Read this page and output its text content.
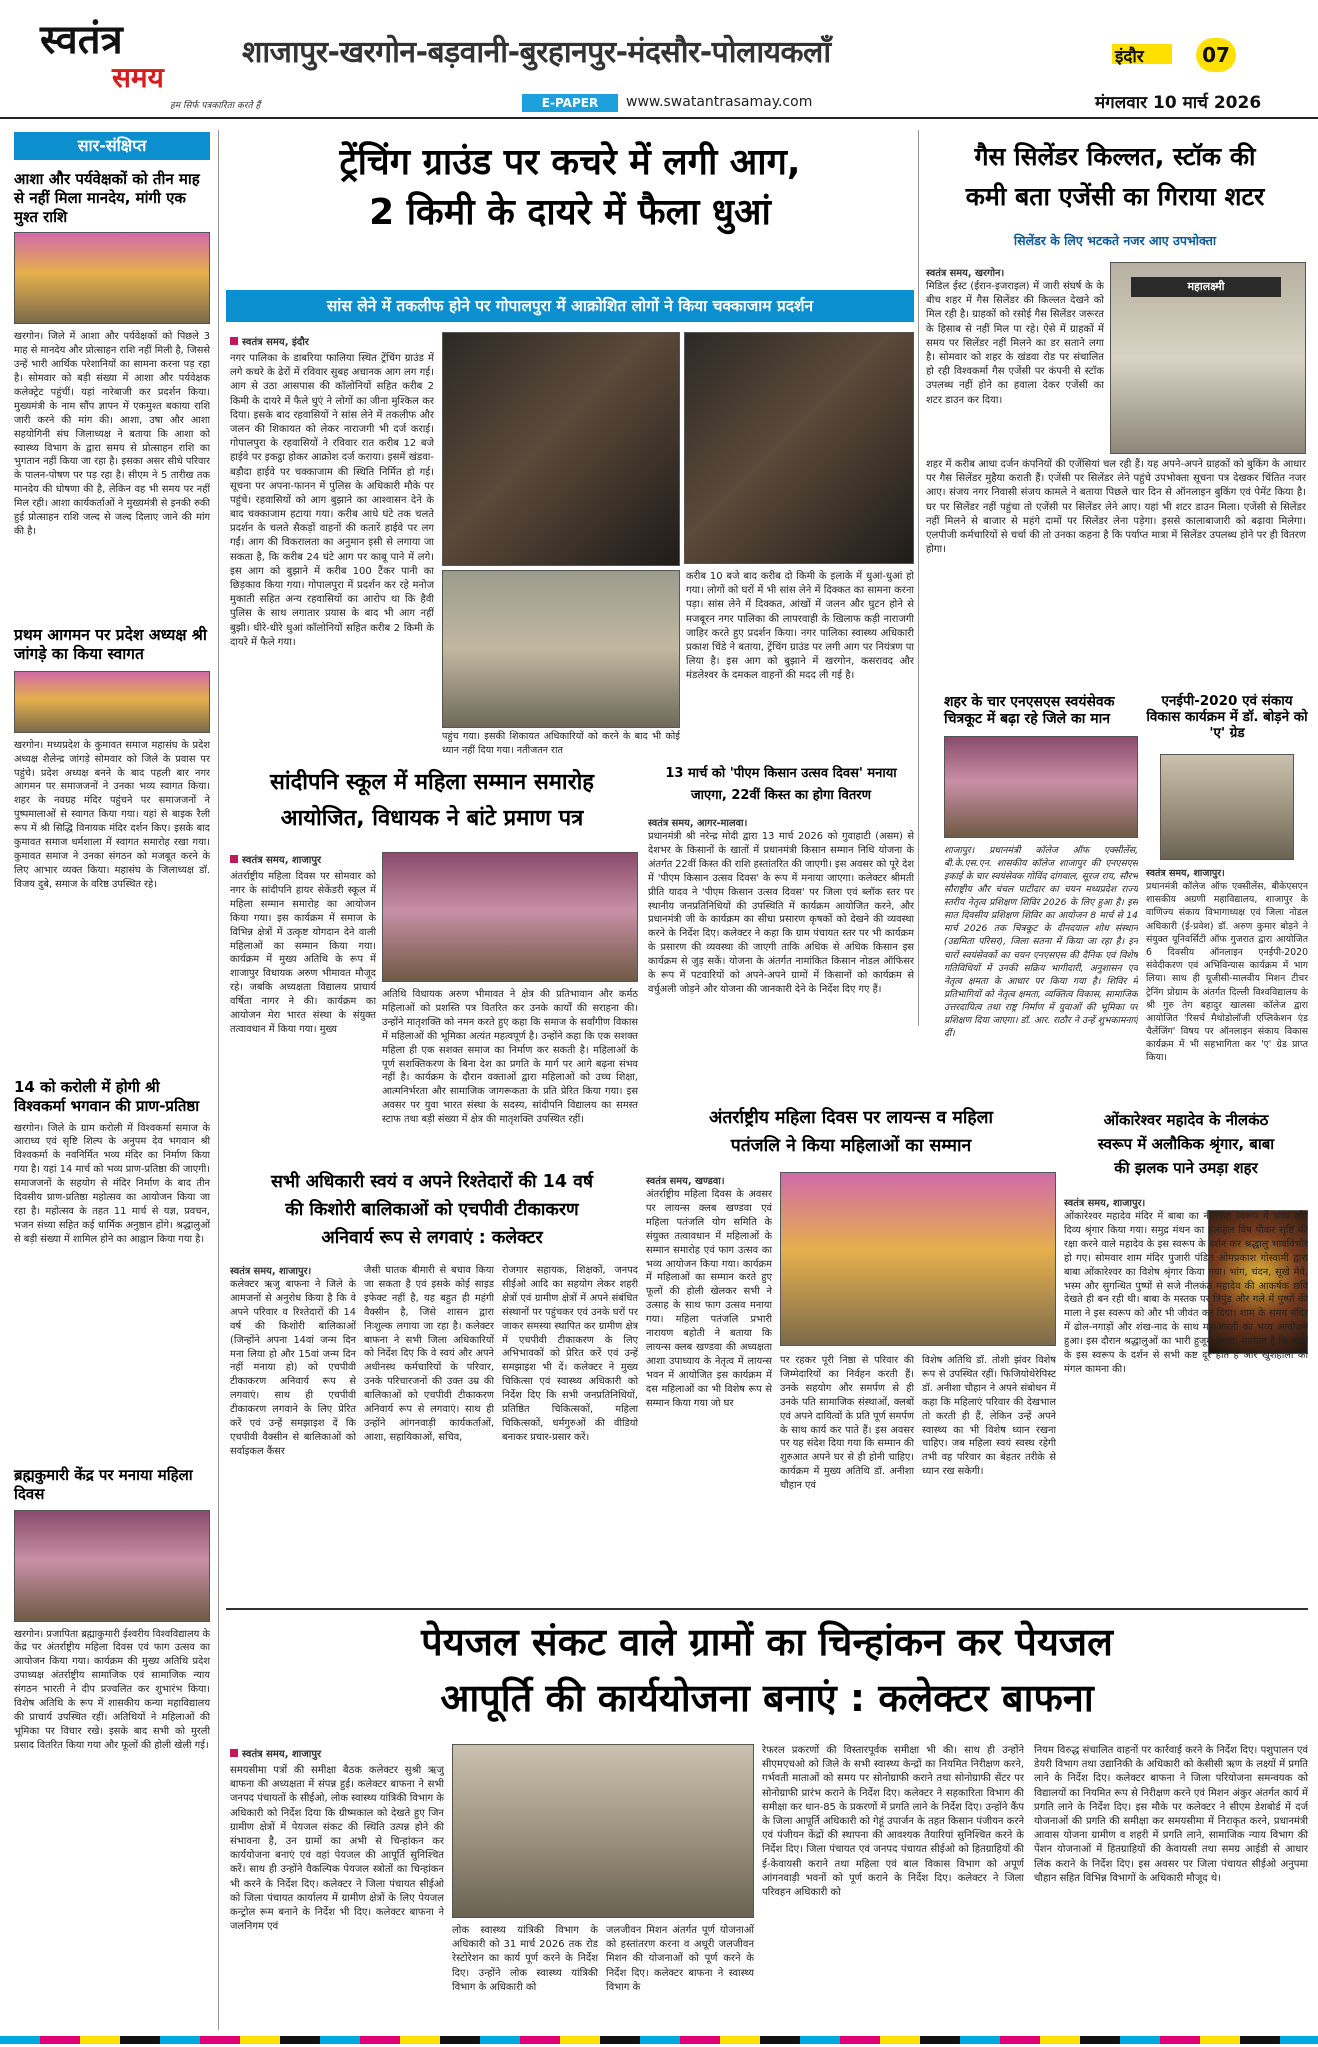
स्वतंत्र
समय
हम सिर्फ पत्रकारिता करते हैं
शाजापुर-खरगोन-बड़वानी-बुरहानपुर-मंदसौर-पोलायकलाँ	इंदौर	07
E-PAPER	www.swatantrasamay.com	मंगलवार 10 मार्च 2026
सार-संक्षिप्त
आशा और पर्यवेक्षकों को तीन माह से नहीं मिला मानदेय, मांगी एक मुश्त राशि
खरगोन। जिले में आशा और पर्यवेक्षकों को पिछले 3 माह से मानदेय और प्रोत्साहन राशि नहीं मिली है, जिससे उन्हें भारी आर्थिक परेशानियों का सामना करना पड़ रहा है। सोमवार को बड़ी संख्या में आशा और पर्यवेक्षक कलेक्ट्रेट पहुंचीं। यहां नारेबाजी कर प्रदर्शन किया। मुख्यमंत्री के नाम सौंप ज्ञापन में एकमुश्त बकाया राशि जारी करने की मांग की। आशा, उषा और आशा सहयोगिनी संघ जिलाध्यक्ष ने बताया कि आशा को स्वास्थ्य विभाग के द्वारा समय से प्रोत्साहन राशि का भुगतान नहीं किया जा रहा है। इसका असर सीधे परिवार के पालन-पोषण पर पड़ रहा है। सीएम ने 5 तारीख तक मानदेय की घोषणा की है, लेकिन वह भी समय पर नहीं मिल रही। आशा कार्यकर्ताओं ने मुख्यमंत्री से इनकी रुकी हुई प्रोत्साहन राशि जल्द से जल्द दिलाए जाने की मांग की है।
प्रथम आगमन पर प्रदेश अध्यक्ष श्री जांगड़े का किया स्वागत
खरगोन। मध्यप्रदेश के कुमावत समाज महासंघ के प्रदेश अध्यक्ष शैलेन्द्र जांगड़े सोमवार को जिले के प्रवास पर पहुंचे। प्रदेश अध्यक्ष बनने के बाद पहली बार नगर आगमन पर समाजजनों ने उनका भव्य स्वागत किया। शहर के नवग्रह मंदिर पहुंचने पर समाजजनों ने पुष्पमालाओं से स्वागत किया गया। यहां से बाइक रैली रूप में श्री सिद्धि विनायक मंदिर दर्शन किए। इसके बाद कुमावत समाज धर्मशाला में स्वागत समारोह रखा गया। कुमावत समाज ने उनका संगठन को मजबूत करने के लिए आभार व्यक्त किया। महासंघ के जिलाध्यक्ष डॉ. विजय दुबे, समाज के वरिष्ठ उपस्थित रहे।
14 को करोली में होगी श्री विश्वकर्मा भगवान की प्राण-प्रतिष्ठा
खरगोन। जिले के ग्राम करोली में विश्वकर्मा समाज के आराध्य एवं सृष्टि शिल्प के अनुपम देव भगवान श्री विश्वकर्मा के नवनिर्मित भव्य मंदिर का निर्माण किया गया है। यहां 14 मार्च को भव्य प्राण-प्रतिष्ठा की जाएगी। समाजजनों के सहयोग से मंदिर निर्माण के बाद तीन दिवसीय प्राण-प्रतिष्ठा महोत्सव का आयोजन किया जा रहा है। महोत्सव के तहत 11 मार्च से यज्ञ, प्रवचन, भजन संध्या सहित कई धार्मिक अनुष्ठान होंगे। श्रद्धालुओं से बड़ी संख्या में शामिल होने का आह्वान किया गया है।
ब्रह्मकुमारी केंद्र पर मनाया महिला दिवस
खरगोन। प्रजापिता ब्रह्माकुमारी ईश्वरीय विश्वविद्यालय के केंद्र पर अंतर्राष्ट्रीय महिला दिवस एवं फाग उत्सव का आयोजन किया गया। कार्यक्रम की मुख्य अतिथि प्रदेश उपाध्यक्ष अंतर्राष्ट्रीय सामाजिक एवं सामाजिक न्याय संगठन भारती ने दीप प्रज्वलित कर शुभारंभ किया। विशेष अतिथि के रूप में शासकीय कन्या महाविद्यालय की प्राचार्य उपस्थित रहीं। अतिथियों ने महिलाओं की भूमिका पर विचार रखे। इसके बाद सभी को मुरली प्रसाद वितरित किया गया और फूलों की होली खेली गई।
ट्रेंचिंग ग्राउंड पर कचरे में लगी आग,
2 किमी के दायरे में फैला धुआं
सांस लेने में तकलीफ होने पर गोपालपुरा में आक्रोशित लोगों ने किया चक्काजाम प्रदर्शन
स्वतंत्र समय, इंदौर
नगर पालिका के डाबरिया फालिया स्थित ट्रेंचिंग ग्राउंड में लगे कचरे के ढेरों में रविवार सुबह अचानक आग लग गई। आग से उठा आसपास की कॉलोनियों सहित करीब 2 किमी के दायरे में फैले धुएं ने लोगों का जीना मुश्किल कर दिया। इसके बाद रहवासियों ने सांस लेने में तकलीफ और जलन की शिकायत को लेकर नाराजगी भी दर्ज कराई। गोपालपुरा के रहवासियों ने रविवार रात करीब 12 बजे हाईवे पर इकट्ठा होकर आक्रोश दर्ज कराया। इसमें खंडवा-बड़ौदा हाईवे पर चक्काजाम की स्थिति निर्मित हो गई। सूचना पर अपना-फानन में पुलिस के अधिकारी मौके पर पहुंचे। रहवासियों को आग बुझाने का आश्वासन देने के बाद चक्काजाम हटाया गया। करीब आधे घंटे तक चलते प्रदर्शन के चलते सैकड़ों वाहनों की कतारें हाईवे पर लग गईं। आग की विकरालता का अनुमान इसी से लगाया जा सकता है, कि करीब 24 घंटे आग पर काबू पाने में लगे। इस आग को बुझाने में करीब 100 टैंकर पानी का छिड़काव किया गया। गोपालपुरा में प्रदर्शन कर रहे मनोज मुकाती सहित अन्य रहवासियों का आरोप था कि हैवी पुलिस के साथ लगातार प्रयास के बाद भी आग नहीं बुझी। धीरे-धीरे धुआं कॉलोनियों सहित करीब 2 किमी के दायरे में फैले गया।
पहुंच गया। इसकी शिकायत अधिकारियों को करने के बाद भी कोई ध्यान नहीं दिया गया। नतीजतन रात
करीब 10 बजे बाद करीब दो किमी के इलाके में धुआं-धुआं हो गया। लोगों को घरों में भी सांस लेने में दिक्कत का सामना करना पड़ा। सांस लेने में दिक्कत, आंखों में जलन और घुटन होने से मजबूरन नगर पालिका की लापरवाही के खिलाफ कड़ी नाराजगी जाहिर करते हुए प्रदर्शन किया। नगर पालिका स्वास्थ्य अधिकारी प्रकाश चिंडे ने बताया, ट्रेंचिंग ग्राउंड पर लगी आग पर नियंत्रण पा लिया है। इस आग को बुझाने में खरगोन, कसरावद और मंडलेश्वर के दमकल वाहनों की मदद ली गई है।
गैस सिलेंडर किल्लत, स्टॉक की
कमी बता एजेंसी का गिराया शटर
सिलेंडर के लिए भटकते नजर आए उपभोक्ता
स्वतंत्र समय, खरगोन।
मिडिल ईस्ट (ईरान-इजराइल) में जारी संघर्ष के के बीच शहर में गैस सिलेंडर की किल्लत देखने को मिल रही है। ग्राहकों को रसोई गैस सिलेंडर जरूरत के हिसाब से नहीं मिल पा रहे। ऐसे में ग्राहकों में समय पर सिलेंडर नहीं मिलने का डर सताने लगा है। सोमवार को शहर के खंडवा रोड पर संचालित हो रही विश्वकर्मा गैस एजेंसी पर कंपनी से स्टॉक उपलब्ध नहीं होने का हवाला देकर एजेंसी का शटर डाउन कर दिया।
महालक्ष्मी
शहर में करीब आधा दर्जन कंपनियों की एजेंसियां चल रही हैं। यह अपने-अपने ग्राहकों को बुकिंग के आधार पर गैस सिलेंडर मुहैया कराती हैं। एजेंसी पर सिलेंडर लेने पहुंचे उपभोक्ता सूचना पत्र देखकर चिंतित नजर आए। संजय नगर निवासी संजय कामले ने बताया पिछले चार दिन से ऑनलाइन बुकिंग एवं पेमेंट किया है। घर पर सिलेंडर नहीं पहुंचा तो एजेंसी पर सिलेंडर लेने आए। यहां भी शटर डाउन मिला। एजेंसी से सिलेंडर नहीं मिलने से बाजार से महंगे दामों पर सिलेंडर लेना पड़ेगा। इससे कालाबाजारी को बढ़ावा मिलेगा। एलपीजी कर्मचारियों से चर्चा की तो उनका कहना है कि पर्याप्त मात्रा में सिलेंडर उपलब्ध होने पर ही वितरण होगा।
शहर के चार एनएसएस स्वयंसेवक चित्रकूट में बढ़ा रहे जिले का मान
शाजापुर। प्रधानमंत्री कॉलेज ऑफ एक्सीलेंस, बी.के.एस.एन. शासकीय कॉलेज शाजापुर की एनएसएस इकाई के चार स्वयंसेवक गोविंद दांगवाल, सूरज राय, सौरभ सौराष्ट्रीय और चंचल पाटीदार का चयन मध्यप्रदेश राज्य स्तरीय नेतृत्व प्रशिक्षण शिविर 2026 के लिए हुआ है। इस सात दिवसीय प्रशिक्षण शिविर का आयोजन 8 मार्च से 14 मार्च 2026 तक चित्रकूट के दीनदयाल शोध संस्थान (उद्यमिता परिसर), जिला सतना में किया जा रहा है। इन चारों स्वयंसेवकों का चयन एनएसएस की दैनिक एवं विशेष गतिविधियों में उनकी सक्रिय भागीदारी, अनुशासन एवं नेतृत्व क्षमता के आधार पर किया गया है। शिविर में प्रतिभागियों को नेतृत्व क्षमता, व्यक्तित्व विकास, सामाजिक उत्तरदायित्व तथा राष्ट्र निर्माण में युवाओं की भूमिका पर प्रशिक्षण दिया जाएगा। डॉ. आर. राठौर ने उन्हें शुभकामनाएं दीं।
एनईपी-2020 एवं संकाय विकास कार्यक्रम में डॉ. बोड़ने को 'ए' ग्रेड
स्वतंत्र समय, शाजापुर।
प्रधानमंत्री कॉलेज ऑफ एक्सीलेंस, बीकेएसएन शासकीय अग्रणी महाविद्यालय, शाजापुर के वाणिज्य संकाय विभागाध्यक्ष एवं जिला नोडल अधिकारी (ई-प्रवेश) डॉ. अरुण कुमार बोड़ने ने संयुक्त यूनिवर्सिटी ऑफ गुजरात द्वारा आयोजित 6 दिवसीय ऑनलाइन एनईपी-2020 संवेदीकरण एवं अभिविन्यास कार्यक्रम में भाग लिया। साथ ही यूजीसी-मालवीय मिशन टीचर ट्रेनिंग प्रोग्राम के अंतर्गत दिल्ली विश्वविद्यालय के श्री गुरु तेग बहादुर खालसा कॉलेज द्वारा आयोजित 'रिसर्च मैथोडोलॉजी एप्लिकेशन एंड चैलेंजिंग' विषय पर ऑनलाइन संकाय विकास कार्यक्रम में भी सहभागिता कर 'ए' ग्रेड प्राप्त किया।
सांदीपनि स्कूल में महिला सम्मान समारोह
आयोजित, विधायक ने बांटे प्रमाण पत्र
स्वतंत्र समय, शाजापुर
अंतर्राष्ट्रीय महिला दिवस पर सोमवार को नगर के सांदीपनि हायर सेकेंडरी स्कूल में महिला सम्मान समारोह का आयोजन किया गया। इस कार्यक्रम में समाज के विभिन्न क्षेत्रों में उत्कृष्ट योगदान देने वाली महिलाओं का सम्मान किया गया। कार्यक्रम में मुख्य अतिथि के रूप में शाजापुर विधायक अरुण भीमावत मौजूद रहे। जबकि अध्यक्षता विद्यालय प्राचार्य वर्षिता नागर ने की। कार्यक्रम का आयोजन मेरा भारत संस्था के संयुक्त तत्वावधान में किया गया। मुख्य
अतिथि विधायक अरुण भीमावत ने क्षेत्र की प्रतिभावान और कर्मठ महिलाओं को प्रशस्ति पत्र वितरित कर उनके कार्यों की सराहना की। उन्होंने मातृशक्ति को नमन करते हुए कहा कि समाज के सर्वांगीण विकास में महिलाओं की भूमिका अत्यंत महत्वपूर्ण है। उन्होंने कहा कि एक सशक्त महिला ही एक सशक्त समाज का निर्माण कर सकती है। महिलाओं के पूर्ण सशक्तिकरण के बिना देश का प्रगति के मार्ग पर आगे बढ़ना संभव नहीं है। कार्यक्रम के दौरान वक्ताओं द्वारा महिलाओं को उच्च शिक्षा, आत्मनिर्भरता और सामाजिक जागरूकता के प्रति प्रेरित किया गया। इस अवसर पर युवा भारत संस्था के सदस्य, सांदीपनि विद्यालय का समस्त स्टाफ तथा बड़ी संख्या में क्षेत्र की मातृशक्ति उपस्थित रहीं।
13 मार्च को 'पीएम किसान उत्सव दिवस' मनाया
जाएगा, 22वीं किस्त का होगा वितरण
स्वतंत्र समय, आगर-मालवा।
प्रधानमंत्री श्री नरेन्द्र मोदी द्वारा 13 मार्च 2026 को गुवाहाटी (असम) से देशभर के किसानों के खातों में प्रधानमंत्री किसान सम्मान निधि योजना के अंतर्गत 22वीं किस्त की राशि हस्तांतरित की जाएगी। इस अवसर को पूरे देश में 'पीएम किसान उत्सव दिवस' के रूप में मनाया जाएगा। कलेक्टर श्रीमती प्रीति यादव ने 'पीएम किसान उत्सव दिवस' पर जिला एवं ब्लॉक स्तर पर स्थानीय जनप्रतिनिधियों की उपस्थिति में कार्यक्रम आयोजित करने, और प्रधानमंत्री जी के कार्यक्रम का सीधा प्रसारण कृषकों को देखने की व्यवस्था करने के निर्देश दिए। कलेक्टर ने कहा कि ग्राम पंचायत स्तर पर भी कार्यक्रम के प्रसारण की व्यवस्था की जाएगी ताकि अधिक से अधिक किसान इस कार्यक्रम से जुड़ सकें। योजना के अंतर्गत नामांकित किसान नोडल ऑफिसर के रूप में पटवारियों को अपने-अपने ग्रामों में किसानों को कार्यक्रम से वर्चुअली जोड़ने और योजना की जानकारी देने के निर्देश दिए गए हैं।
सभी अधिकारी स्वयं व अपने रिश्तेदारों की 14 वर्ष
की किशोरी बालिकाओं को एचपीवी टीकाकरण
अनिवार्य रूप से लगवाएं : कलेक्टर
स्वतंत्र समय, शाजापुर।
कलेक्टर ऋजु बाफना ने जिले के आमजनों से अनुरोध किया है कि वे अपने परिवार व रिश्तेदारों की 14 वर्ष की किशोरी बालिकाओं (जिन्होंने अपना 14वां जन्म दिन मना लिया हो और 15वां जन्म दिन नहीं मनाया हो) को एचपीवी टीकाकरण अनिवार्य रूप से लगवाएं। साथ ही एचपीवी टीकाकरण लगवाने के लिए प्रेरित करें एवं उन्हें समझाइश दें कि एचपीवी वैक्सीन से बालिकाओं को सर्वाइकल कैंसर
जैसी घातक बीमारी से बचाव किया जा सकता है एवं इसके कोई साइड इफेक्ट नहीं है, यह बहुत ही महंगी वैक्सीन है, जिसे शासन द्वारा निःशुल्क लगाया जा रहा है। कलेक्टर बाफना ने सभी जिला अधिकारियों को निर्देश दिए कि वे स्वयं और अपने अधीनस्थ कर्मचारियों के परिवार, उनके परिचारजनों की उक्त उम्र की बालिकाओं को एचपीवी टीकाकरण अनिवार्य रूप से लगवाएं। साथ ही उन्होंने आंगनवाड़ी कार्यकर्ताओं, आशा, सहायिकाओं, सचिव,
रोजगार सहायक, शिक्षकों, जनपद सीईओ आदि का सहयोग लेकर शहरी क्षेत्रों एवं ग्रामीण क्षेत्रों में अपने संबंधित संस्थानों पर पहुंचकर एवं उनके घरों पर जाकर समस्या स्थापित कर ग्रामीण क्षेत्र में एचपीवी टीकाकरण के लिए अभिभावकों को प्रेरित करें एवं उन्हें समझाइश भी दें। कलेक्टर ने मुख्य चिकित्सा एवं स्वास्थ्य अधिकारी को निर्देश दिए कि सभी जनप्रतिनिधियों, प्रतिष्ठित चिकित्सकों, महिला चिकित्सकों, धर्मगुरुओं की वीडियो बनाकर प्रचार-प्रसार करें।
अंतर्राष्ट्रीय महिला दिवस पर लायन्स व महिला
पतंजलि ने किया महिलाओं का सम्मान
स्वतंत्र समय, खण्डवा।
अंतर्राष्ट्रीय महिला दिवस के अवसर पर लायन्स क्लब खण्डवा एवं महिला पतंजलि योग समिति के संयुक्त तत्वावधान में महिलाओं के सम्मान समारोह एवं फाग उत्सव का भव्य आयोजन किया गया। कार्यक्रम में महिलाओं का सम्मान करते हुए फूलों की होली खेलकर सभी ने उत्साह के साथ फाग उत्सव मनाया गया। महिला पतंजलि प्रभारी नारायण बहोती ने बताया कि लायन्स क्लब खण्डवा की अध्यक्षता आशा उपाध्याय के नेतृत्व में लायन्स भवन में आयोजित इस कार्यक्रम में दस महिलाओं का भी विशेष रूप से सम्मान किया गया जो घर
पर रहकर पूरी निष्ठा से परिवार की जिम्मेदारियों का निर्वहन करती हैं। उनके सहयोग और समर्पण से ही उनके पति सामाजिक संस्थाओं, क्लबों एवं अपने दायित्वों के प्रति पूर्ण समर्पण के साथ कार्य कर पाते हैं। इस अवसर पर यह संदेश दिया गया कि सम्मान की शुरुआत अपने घर से ही होनी चाहिए। कार्यक्रम में मुख्य अतिथि डॉ. अनीशा चौहान एवं
विशेष अतिथि डॉ. तोशी झंवर विशेष रूप से उपस्थित रहीं। फिजियोथेरेपिस्ट डॉ. अनीशा चौहान ने अपने संबोधन में कहा कि महिलाएं परिवार की देखभाल तो करती ही हैं, लेकिन उन्हें अपने स्वास्थ्य का भी विशेष ध्यान रखना चाहिए। जब महिला स्वयं स्वस्थ रहेगी तभी वह परिवार का बेहतर तरीके से ध्यान रख सकेगी।
ओंकारेश्वर महादेव के नीलकंठ
स्वरूप में अलौकिक श्रृंगार, बाबा
की झलक पाने उमड़ा शहर
स्वतंत्र समय, शाजापुर।
ओंकारेश्वर महादेव मंदिर में बाबा का नीलकंठ स्वरूप में भव्य और दिव्य श्रृंगार किया गया। समुद्र मंथन का हलाहल विष पीकर सृष्टि की रक्षा करने वाले महादेव के इस स्वरूप के दर्शन कर श्रद्धालु भावविभोर हो गए। सोमवार शाम मंदिर पुजारी पंडित ओमप्रकाश गोस्वामी द्वारा बाबा ओंकारेश्वर का विशेष श्रृंगार किया गया। भांग, चंदन, सूखे मेवे, भस्म और सुगन्धित पुष्पों से सजे नीलकंठ महादेव की आकर्षक छवि देखते ही बन रही थी। बाबा के मस्तक पर त्रिपुंड और गले में पुष्पों की माला ने इस स्वरूप को और भी जीवंत कर दिया। शाम के समय मंदिर में ढोल-नगाड़ों और शंख-नाद के साथ महाआरती का भव्य आयोजन हुआ। इस दौरान श्रद्धालुओं का भारी हुजूम उमड़ा। मान्यता है कि बाबा के इस स्वरूप के दर्शन से सभी कष्ट दूर होते हैं और खुशहाली की मंगल कामना की।
पेयजल संकट वाले ग्रामों का चिन्हांकन कर पेयजल
आपूर्ति की कार्ययोजना बनाएं : कलेक्टर बाफना
स्वतंत्र समय, शाजापुर
समयसीमा पत्रों की समीक्षा बैठक कलेक्टर सुश्री ऋजु बाफना की अध्यक्षता में संपन्न हुई। कलेक्टर बाफना ने सभी जनपद पंचायतों के सीईओ, लोक स्वास्थ्य यांत्रिकी विभाग के अधिकारी को निर्देश दिया कि ग्रीष्मकाल को देखते हुए जिन ग्रामीण क्षेत्रों में पेयजल संकट की स्थिति उत्पन्न होने की संभावना है, उन ग्रामों का अभी से चिन्हांकन कर कार्ययोजना बनाएं एवं वहां पेयजल की आपूर्ति सुनिश्चित करें। साथ ही उन्होंने वैकल्पिक पेयजल स्त्रोतों का चिन्हांकन भी करने के निर्देश दिए। कलेक्टर ने जिला पंचायत सीईओ को जिला पंचायत कार्यालय में ग्रामीण क्षेत्रों के लिए पेयजल कन्ट्रोल रूम बनाने के निर्देश भी दिए। कलेक्टर बाफना ने जलनिगम एवं	लोक स्वास्थ्य यांत्रिकी विभाग के अधिकारी को 31 मार्च 2026 तक रोड रेस्टोरेशन का कार्य पूर्ण करने के निर्देश दिए। उन्होंने लोक स्वास्थ्य यांत्रिकी विभाग के अधिकारी को
जलजीवन मिशन अंतर्गत पूर्ण योजनाओं को हस्तांतरण करना व अधूरी जलजीवन मिशन की योजनाओं को पूर्ण करने के निर्देश दिए। कलेक्टर बाफना ने स्वास्थ्य विभाग के
रेफरल प्रकरणों की विस्तारपूर्वक समीक्षा भी की। साथ ही उन्होंने सीएमएचओ को जिले के सभी स्वास्थ्य केन्द्रों का नियमित निरीक्षण करने, गर्भवती माताओं को समय पर सोनोग्राफी कराने तथा सोनोग्राफी सेंटर पर सोनोग्राफी प्रारंभ कराने के निर्देश दिए। कलेक्टर ने सहकारिता विभाग की समीक्षा कर धान-85 के प्रकरणों में प्रगति लाने के निर्देश दिए। उन्होंने कैंप के जिला आपूर्ति अधिकारी को गेहूं उपार्जन के तहत किसान पंजीयन करने एवं पंजीयन केंद्रों की स्थापना की आवश्यक तैयारियां सुनिश्चित करने के निर्देश दिए। जिला पंचायत एवं जनपद पंचायत सीईओ को हितग्राहियों की ई-केवायसी कराने तथा महिला एवं बाल विकास विभाग को अपूर्ण आंगनवाड़ी भवनों को पूर्ण कराने के निर्देश दिए। कलेक्टर ने जिला परिवहन अधिकारी को
नियम विरुद्ध संचालित वाहनों पर कार्रवाई करने के निर्देश दिए। पशुपालन एवं डेयरी विभाग तथा उद्यानिकी के अधिकारी को केसीसी ऋण के लक्ष्यों में प्रगति लाने के निर्देश दिए। कलेक्टर बाफना ने जिला परियोजना समन्वयक को विद्यालयों का नियमित रूप से निरीक्षण करने एवं मिशन अंकुर अंतर्गत कार्य में प्रगति लाने के निर्देश दिए। इस मौके पर कलेक्टर ने सीएम डेशबोर्ड में दर्ज योजनाओं की प्रगति की समीक्षा कर समयसीमा में निराकृत करने, प्रधानमंत्री आवास योजना ग्रामीण व शहरी में प्रगति लाने, सामाजिक न्याय विभाग की पेंशन योजनाओं में हितग्राहियों की केवायसी तथा समग्र आईडी से आधार लिंक कराने के निर्देश दिए। इस अवसर पर जिला पंचायत सीईओ अनुपमा चौहान सहित विभिन्न विभागों के अधिकारी मौजूद थे।
